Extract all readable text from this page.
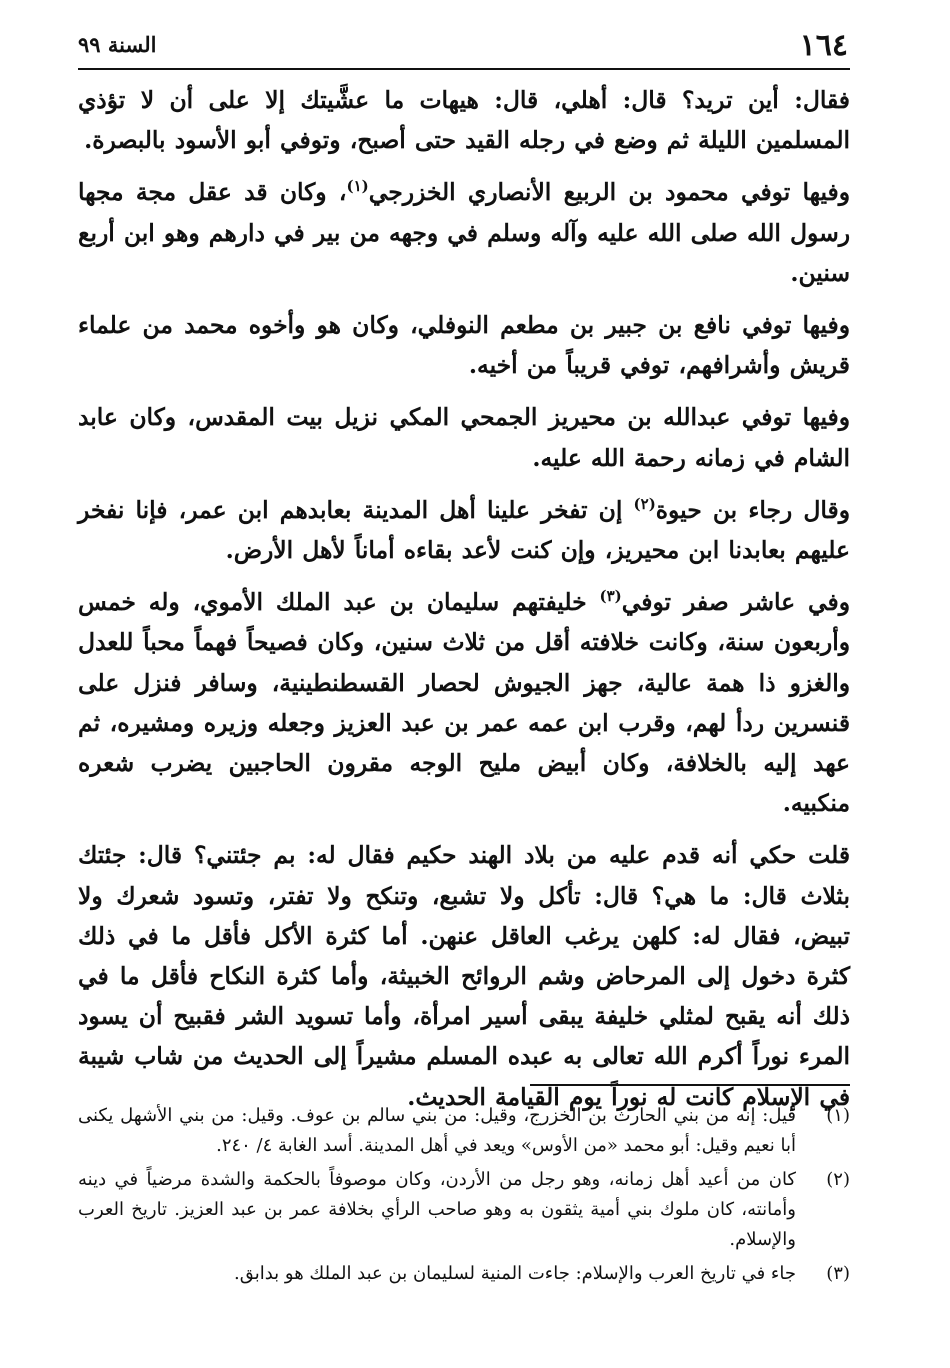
١٦٤
السنة ٩٩

فقال: أين تريد؟ قال: أهلي، قال: هيهات ما عشَّيتك إلا على أن لا تؤذي المسلمين الليلة ثم وضع في رجله القيد حتى أصبح، وتوفي أبو الأسود بالبصرة.

وفيها توفي محمود بن الربيع الأنصاري الخزرجي$^{(١)}$، وكان قد عقل مجة مجها رسول الله صلى الله عليه وآله وسلم في وجهه من بير في دارهم وهو ابن أربع سنين.

وفيها توفي نافع بن جبير بن مطعم النوفلي، وكان هو وأخوه محمد من علماء قريش وأشرافهم، توفي قريباً من أخيه.

وفيها توفي عبدالله بن محيريز الجمحي المكي نزيل بيت المقدس، وكان عابد الشام في زمانه رحمة الله عليه.

وقال رجاء بن حيوة$^{(٢)}$ إن تفخر علينا أهل المدينة بعابدهم ابن عمر، فإنا نفخر عليهم بعابدنا ابن محيريز، وإن كنت لأعد بقاءه أماناً لأهل الأرض.

وفي عاشر صفر توفي$^{(٣)}$ خليفتهم سليمان بن عبد الملك الأموي، وله خمس وأربعون سنة، وكانت خلافته أقل من ثلاث سنين، وكان فصيحاً فهماً محباً للعدل والغزو ذا همة عالية، جهز الجيوش لحصار القسطنطينية، وسافر فنزل على قنسرين ردأ لهم، وقرب ابن عمه عمر بن عبد العزيز وجعله وزيره ومشيره، ثم عهد إليه بالخلافة، وكان أبيض مليح الوجه مقرون الحاجبين يضرب شعره منكبيه.

قلت حكي أنه قدم عليه من بلاد الهند حكيم فقال له: بم جئتني؟ قال: جئتك بثلاث قال: ما هي؟ قال: تأكل ولا تشبع، وتنكح ولا تفتر، وتسود شعرك ولا تبيض، فقال له: كلهن يرغب العاقل عنهن. أما كثرة الأكل فأقل ما في ذلك كثرة دخول إلى المرحاض وشم الروائح الخبيثة، وأما كثرة النكاح فأقل ما في ذلك أنه يقبح لمثلي خليفة يبقى أسير امرأة، وأما تسويد الشر فقبيح أن يسود المرء نوراً أكرم الله تعالى به عبده المسلم مشيراً إلى الحديث من شاب شيبة في الإسلام كانت له نوراً يوم القيامة الحديث.

(١)
قيل: إنه من بني الحارث بن الخزرج، وقيل: من بني سالم بن عوف. وقيل: من بني الأشهل يكنى أبا نعيم وقيل: أبو محمد «من الأوس» ويعد في أهل المدينة. أسد الغابة ٤/ ٢٤٠.
(٢)
كان من أعيد أهل زمانه، وهو رجل من الأردن، وكان موصوفاً بالحكمة والشدة مرضياً في دينه وأمانته، كان ملوك بني أمية يثقون به وهو صاحب الرأي بخلافة عمر بن عبد العزيز. تاريخ العرب والإسلام.
(٣)
جاء في تاريخ العرب والإسلام: جاءت المنية لسليمان بن عبد الملك هو بدابق.
